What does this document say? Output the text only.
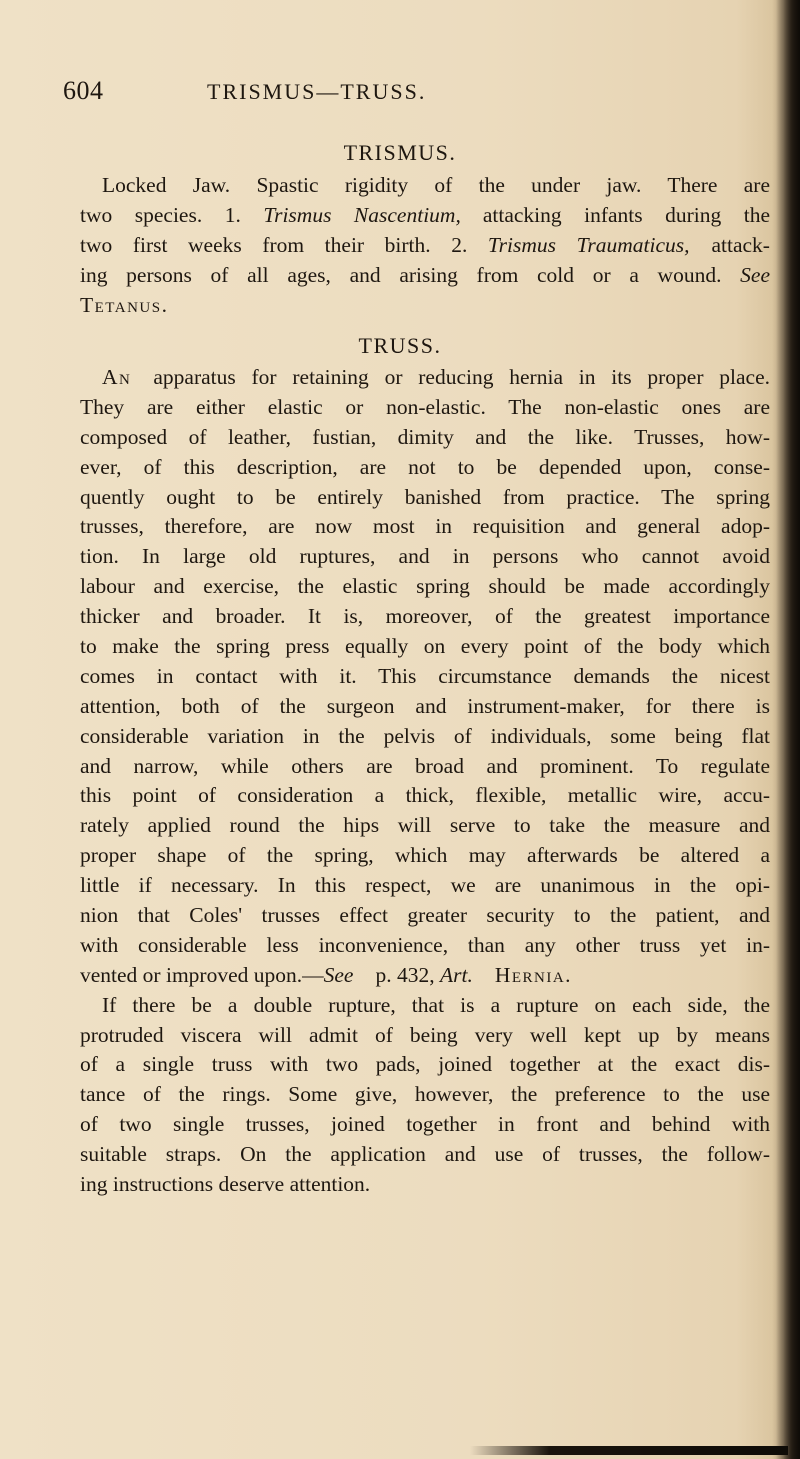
604	TRISMUS—TRUSS.
TRISMUS.
Locked Jaw. Spastic rigidity of the under jaw. There are
two species. 1. Trismus Nascentium, attacking infants during the
two first weeks from their birth. 2. Trismus Traumaticus, attack-
ing persons of all ages, and arising from cold or a wound. See
Tetanus.
TRUSS.
An apparatus for retaining or reducing hernia in its proper place.
They are either elastic or non-elastic. The non-elastic ones are
composed of leather, fustian, dimity and the like. Trusses, how-
ever, of this description, are not to be depended upon, conse-
quently ought to be entirely banished from practice. The spring
trusses, therefore, are now most in requisition and general adop-
tion. In large old ruptures, and in persons who cannot avoid
labour and exercise, the elastic spring should be made accordingly
thicker and broader. It is, moreover, of the greatest importance
to make the spring press equally on every point of the body which
comes in contact with it. This circumstance demands the nicest
attention, both of the surgeon and instrument-maker, for there is
considerable variation in the pelvis of individuals, some being flat
and narrow, while others are broad and prominent. To regulate
this point of consideration a thick, flexible, metallic wire, accu-
rately applied round the hips will serve to take the measure and
proper shape of the spring, which may afterwards be altered a
little if necessary. In this respect, we are unanimous in the opi-
nion that Coles' trusses effect greater security to the patient, and
with considerable less inconvenience, than any other truss yet in-
vented or improved upon.—See p. 432, Art. Hernia.
If there be a double rupture, that is a rupture on each side, the
protruded viscera will admit of being very well kept up by means
of a single truss with two pads, joined together at the exact dis-
tance of the rings. Some give, however, the preference to the use
of two single trusses, joined together in front and behind with
suitable straps. On the application and use of trusses, the follow-
ing instructions deserve attention.
